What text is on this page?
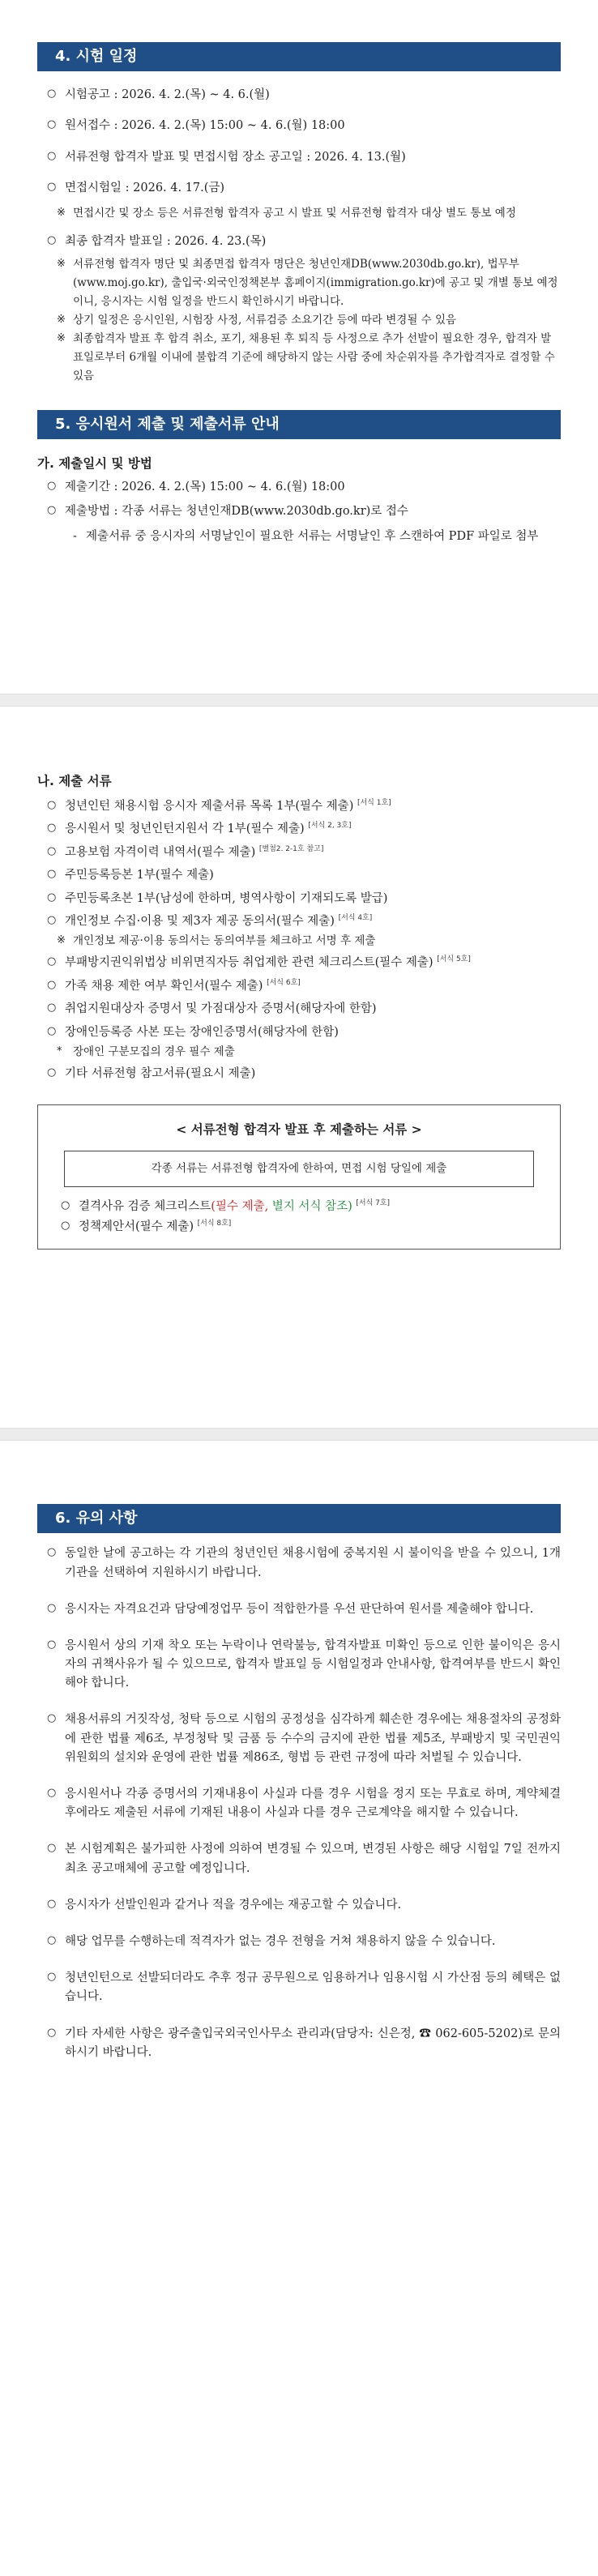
4. 시험 일정
○ 시험공고 : 2026. 4. 2.(목) ~ 4. 6.(월)
○ 원서접수 : 2026. 4. 2.(목) 15:00 ~ 4. 6.(월) 18:00
○ 서류전형 합격자 발표 및 면접시험 장소 공고일 : 2026. 4. 13.(월)
○ 면접시험일 : 2026. 4. 17.(금)
※ 면접시간 및 장소 등은 서류전형 합격자 공고 시 발표 및 서류전형 합격자 대상 별도 통보 예정
○ 최종 합격자 발표일 : 2026. 4. 23.(목)
※ 서류전형 합격자 명단 및 최종면접 합격자 명단은 청년인재DB(www.2030db.go.kr), 법무부(www.moj.go.kr), 출입국·외국인정책본부 홈페이지(immigration.go.kr)에 공고 및 개별 통보 예정이니, 응시자는 시험 일정을 반드시 확인하시기 바랍니다.
※ 상기 일정은 응시인원, 시험장 사정, 서류검증 소요기간 등에 따라 변경될 수 있음
※ 최종합격자 발표 후 합격 취소, 포기, 채용된 후 퇴직 등 사정으로 추가 선발이 필요한 경우, 합격자 발표일로부터 6개월 이내에 불합격 기준에 해당하지 않는 사람 중에 차순위자를 추가합격자로 결정할 수 있음
5. 응시원서 제출 및 제출서류 안내
가. 제출일시 및 방법
○ 제출기간 : 2026. 4. 2.(목) 15:00 ~ 4. 6.(월) 18:00
○ 제출방법 : 각종 서류는 청년인재DB(www.2030db.go.kr)로 접수
- 제출서류 중 응시자의 서명날인이 필요한 서류는 서명날인 후 스캔하여 PDF 파일로 첨부
나. 제출 서류
○ 청년인턴 채용시험 응시자 제출서류 목록 1부(필수 제출) [서식 1호]
○ 응시원서 및 청년인턴지원서 각 1부(필수 제출) [서식 2, 3호]
○ 고용보험 자격이력 내역서(필수 제출) [별첨2. 2-1호 참고]
○ 주민등록등본 1부(필수 제출)
○ 주민등록초본 1부(남성에 한하며, 병역사항이 기재되도록 발급)
○ 개인정보 수집·이용 및 제3자 제공 동의서(필수 제출) [서식 4호]
※ 개인정보 제공·이용 동의서는 동의여부를 체크하고 서명 후 제출
○ 부패방지권익위법상 비위면직자등 취업제한 관련 체크리스트(필수 제출) [서식 5호]
○ 가족 채용 제한 여부 확인서(필수 제출) [서식 6호]
○ 취업지원대상자 증명서 및 가점대상자 증명서(해당자에 한함)
○ 장애인등록증 사본 또는 장애인증명서(해당자에 한함)
* 장애인 구분모집의 경우 필수 제출
○ 기타 서류전형 참고서류(필요시 제출)
< 서류전형 합격자 발표 후 제출하는 서류 >
각종 서류는 서류전형 합격자에 한하여, 면접 시험 당일에 제출
○ 결격사유 검증 체크리스트(필수 제출, 별지 서식 참조) [서식 7호]
○ 정책제안서(필수 제출) [서식 8호]
6. 유의 사항
○ 동일한 날에 공고하는 각 기관의 청년인턴 채용시험에 중복지원 시 불이익을 받을 수 있으니, 1개 기관을 선택하여 지원하시기 바랍니다.
○ 응시자는 자격요건과 담당예정업무 등이 적합한가를 우선 판단하여 원서를 제출해야 합니다.
○ 응시원서 상의 기재 착오 또는 누락이나 연락불능, 합격자발표 미확인 등으로 인한 불이익은 응시자의 귀책사유가 될 수 있으므로, 합격자 발표일 등 시험일정과 안내사항, 합격여부를 반드시 확인해야 합니다.
○ 채용서류의 거짓작성, 청탁 등으로 시험의 공정성을 심각하게 훼손한 경우에는 채용절차의 공정화에 관한 법률 제6조, 부정청탁 및 금품 등 수수의 금지에 관한 법률 제5조, 부패방지 및 국민권익위원회의 설치와 운영에 관한 법률 제86조, 형법 등 관련 규정에 따라 처벌될 수 있습니다.
○ 응시원서나 각종 증명서의 기재내용이 사실과 다를 경우 시험을 정지 또는 무효로 하며, 계약체결 후에라도 제출된 서류에 기재된 내용이 사실과 다를 경우 근로계약을 해지할 수 있습니다.
○ 본 시험계획은 불가피한 사정에 의하여 변경될 수 있으며, 변경된 사항은 해당 시험일 7일 전까지 최초 공고매체에 공고할 예정입니다.
○ 응시자가 선발인원과 같거나 적을 경우에는 재공고할 수 있습니다.
○ 해당 업무를 수행하는데 적격자가 없는 경우 전형을 거쳐 채용하지 않을 수 있습니다.
○ 청년인턴으로 선발되더라도 추후 정규 공무원으로 임용하거나 임용시험 시 가산점 등의 혜택은 없습니다.
○ 기타 자세한 사항은 광주출입국외국인사무소 관리과(담당자: 신은정, ☎ 062-605-5202)로 문의하시기 바랍니다.
